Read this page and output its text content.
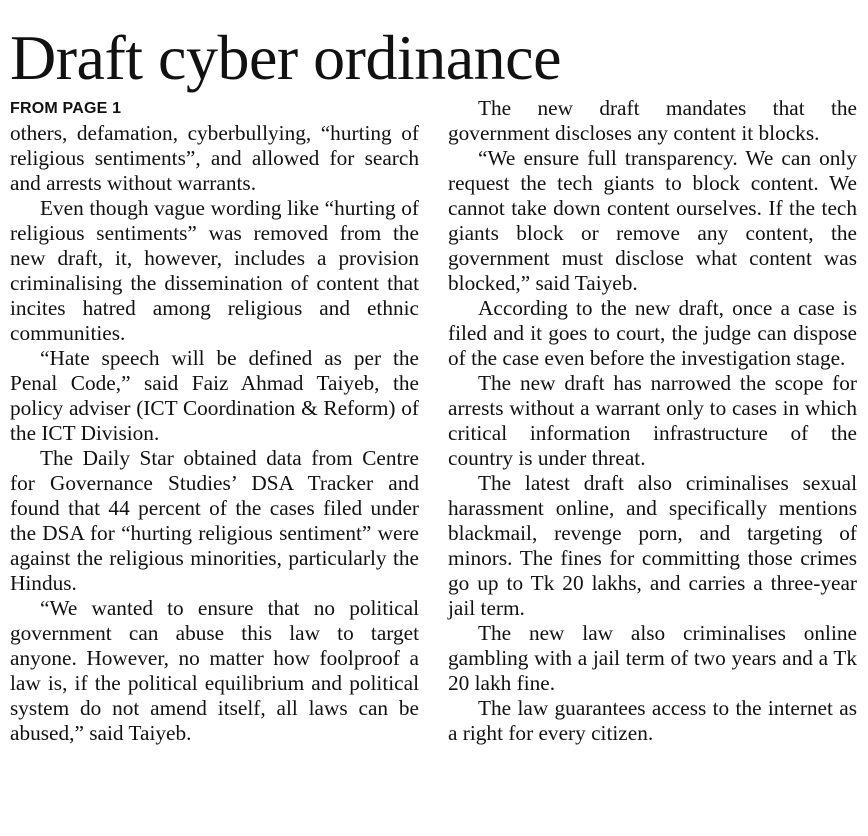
Draft cyber ordinance
FROM PAGE 1

others, defamation, cyberbullying, “hurting of religious sentiments”, and allowed for search and arrests without warrants.

Even though vague wording like “hurting of religious sentiments” was removed from the new draft, it, however, includes a provision criminalising the dissemination of content that incites hatred among religious and ethnic communities.

“Hate speech will be defined as per the Penal Code,” said Faiz Ahmad Taiyeb, the policy adviser (ICT Coordination & Reform) of the ICT Division.

The Daily Star obtained data from Centre for Governance Studies’ DSA Tracker and found that 44 percent of the cases filed under the DSA for “hurting religious sentiment” were against the religious minorities, particularly the Hindus.

“We wanted to ensure that no political government can abuse this law to target anyone. However, no matter how foolproof a law is, if the political equilibrium and political system do not amend itself, all laws can be abused,” said Taiyeb.

The new draft mandates that the government discloses any content it blocks.

“We ensure full transparency. We can only request the tech giants to block content. We cannot take down content ourselves. If the tech giants block or remove any content, the government must disclose what content was blocked,” said Taiyeb.

According to the new draft, once a case is filed and it goes to court, the judge can dispose of the case even before the investigation stage.

The new draft has narrowed the scope for arrests without a warrant only to cases in which critical information infrastructure of the country is under threat.

The latest draft also criminalises sexual harassment online, and specifically mentions blackmail, revenge porn, and targeting of minors. The fines for committing those crimes go up to Tk 20 lakhs, and carries a three-year jail term.

The new law also criminalises online gambling with a jail term of two years and a Tk 20 lakh fine.

The law guarantees access to the internet as a right for every citizen.
